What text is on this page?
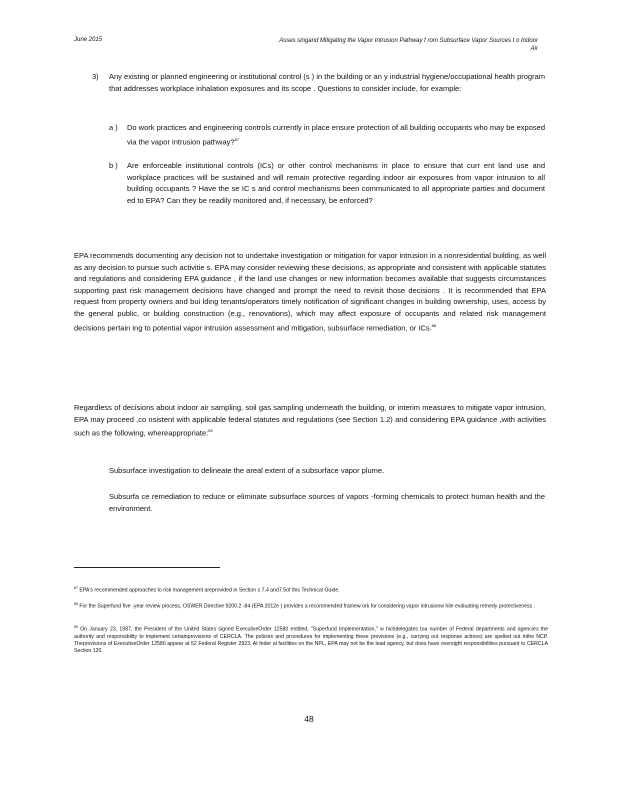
June 2015	Asses singand Mitigating the Vapor Intrusion Pathway f rom Subsurface Vapor Sources t o Indoor Air
3) Any existing or planned engineering or institutional control (s ) in the building or an y industrial hygiene/occupational health program that addresses workplace inhalation exposures and its scope . Questions to consider include, for example:
a ) Do work practices and engineering controls currently in place ensure protection of all building occupants who may be exposed via the vapor intrusion pathway?$^{87}$
b ) Are enforceable institutional controls (ICs) or other control mechanisms in place to ensure that curr ent land use and workplace practices will be sustained and will remain protective regarding indoor air exposures from vapor intrusion to all building occupants ? Have the se IC s and control mechanisms been communicated to all appropriate parties and document ed to EPA? Can they be readily monitored and, if necessary, be enforced?
EPA recommends documenting any decision not to undertake investigation or mitigation for vapor intrusion in a nonresidential building, as well as any decision to pursue such activitie s. EPA may consider reviewing these decisions, as appropriate and consistent with applicable statutes and regulations and considering EPA guidance , if the land use changes or new information becomes available that suggests circumstances supporting past risk management decisions have changed and prompt the need to revisit those decisions . It is recommended that EPA request from property owners and bui lding tenants/operators timely notification of significant changes in building ownership, uses, access by the general public, or building construction (e.g., renovations), which may affect exposure of occupants and related risk management decisions pertain ing to potential vapor intrusion assessment and mitigation, subsurface remediation, or ICs.$^{88}$
Regardless of decisions about indoor air sampling, soil gas sampling underneath the building, or interim measures to mitigate vapor intrusion, EPA may proceed ,co nsistent with applicable federal statutes and regulations (see Section 1.2) and considering EPA guidance ,with activities such as the following, whereappropriate:$^{89}$
Subsurface investigation to delineate the areal extent of a subsurface vapor plume.
Subsurfa ce remediation to reduce or eliminate subsurface sources of vapors -forming chemicals to protect human health and the environment.
$^{87}$ EPA's recommended approaches to risk management areprovided in Section s 7.4 and7.5of this Technical Guide.
$^{88}$ For the Superfund five -year review process, OSWER Directive 9200.2 -84 (EPA 2012e ) provides a recommended framew ork for considering vapor intrusionw hile evaluating remedy protectiveness .
$^{89}$ On January 23, 1987, the President of the United States signed ExecutiveOrder 12580 entitled, "Superfund Implementation," w hichdelegates toa number of Federal departments and agencies the authority and responsibility to implement certainprovisions of CERCLA. The policies and procedures for implementing these provisions (e.g., carrying out response actions) are spelled out inthe NCP. Theprovisions of ExecutiveOrder 12580 appear at 52 Federal Register 2923. At feder al facilities on the NPL, EPA may not be the lead agency, but does have oversight responsibilities pursuant to CERCLA Section 120.
48
